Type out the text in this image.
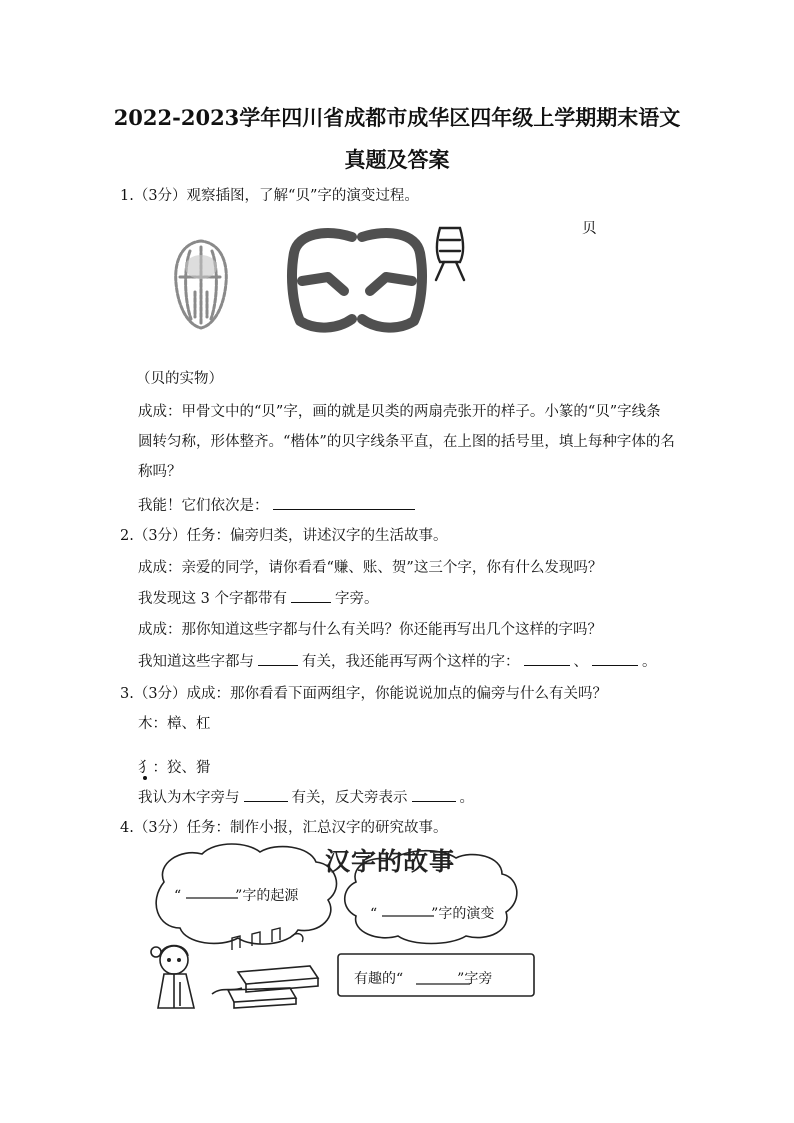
2022-2023学年四川省成都市成华区四年级上学期期末语文
真题及答案
1.（3分）观察插图，了解“贝”字的演变过程。
贝
（贝的实物）
成成：甲骨文中的“贝”字，画的就是贝类的两扇壳张开的样子。小篆的“贝”字线条
圆转匀称，形体整齐。“楷体”的贝字线条平直，在上图的括号里，填上每种字体的名
称吗？
我能！它们依次是：
2.（3分）任务：偏旁归类，讲述汉字的生活故事。
成成：亲爱的同学，请你看看“赚、账、贺”这三个字，你有什么发现吗？
我发现这 3 个字都带有	字旁。
成成：那你知道这些字都与什么有关吗？你还能再写出几个这样的字吗？
我知道这些字都与	有关，我还能再写两个这样的字：	、	。
3.（3分）成成：那你看看下面两组字，你能说说加点的偏旁与什么有关吗？
木：樟、杠
犭
：狡、猾
我认为木字旁与	有关，反犬旁表示	。
4.（3分）任务：制作小报，汇总汉字的研究故事。
汉字的故事
“	”字的起源
“	”字的演变
有趣的“	”字旁
